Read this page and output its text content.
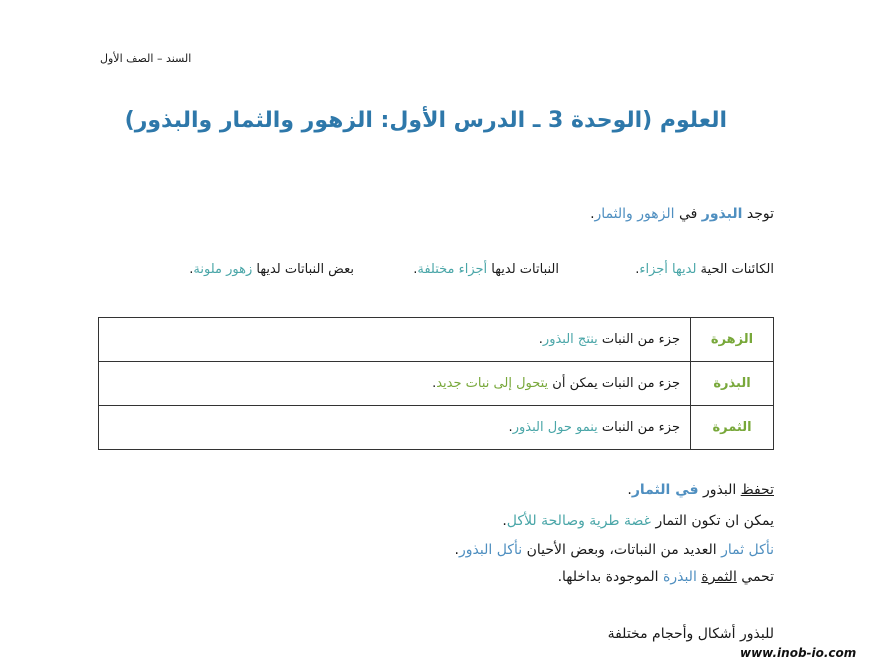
السند – الصف الأول
العلوم (الوحدة 3 ـ الدرس الأول: الزهور والثمار والبذور)
توجد البذور في الزهور والثمار.
الكائنات الحية لديها أجزاء.
النباتات لديها أجزاء مختلفة.
بعض النباتات لديها زهور ملونة.
الزهرة	جزء من النبات ينتج البذور.
البذرة	جزء من النبات يمكن أن يتحول إلى نبات جديد.
الثمرة	جزء من النبات ينمو حول البذور.
تحفظ البذور في الثمار.
يمكن ان تكون التمار غضة طرية وصالحة للأكل.
نأكل ثمار العديد من النباتات، وبعض الأحيان نأكل البذور.
تحمي الثمرة البذرة الموجودة بداخلها.
للبذور أشكال وأحجام مختلفة
www.inob-io.com
